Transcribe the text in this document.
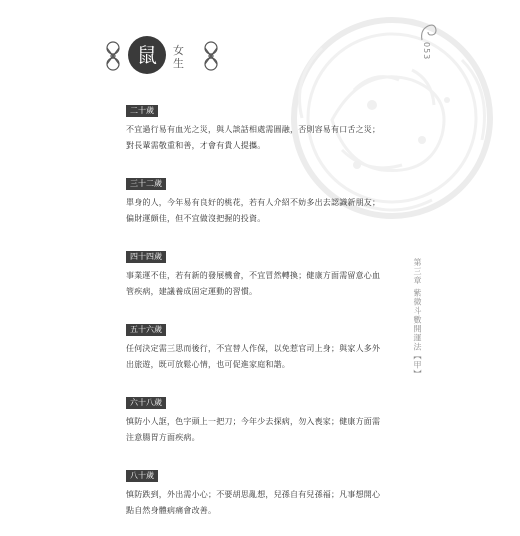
鼠	女生
053
第三章 紫微斗數開運法【甲】
二十歲

不宜過行易有血光之災，與人談話相處需圓融，否則容易有口舌之災；

對長輩需敬重和善，才會有貴人提攜。

三十二歲

單身的人，今年易有良好的桃花，若有人介紹不妨多出去認識新朋友；

偏財運頗佳，但不宜做沒把握的投資。

四十四歲

事業運不佳，若有新的發展機會，不宜冒然轉換；健康方面需留意心血

管疾病，建議養成固定運動的習慣。

五十六歲

任何決定需三思而後行，不宜替人作保，以免惹官司上身；與家人多外

出旅遊，既可放鬆心情，也可促進家庭和諧。

六十八歲

慎防小人誆，色字頭上一把刀；今年少去探病，勿入喪家；健康方面需

注意腸胃方面疾病。

八十歲

慎防跌到，外出需小心；不要胡思亂想，兒孫自有兒孫福；凡事想開心

點自然身體病痛會改善。
